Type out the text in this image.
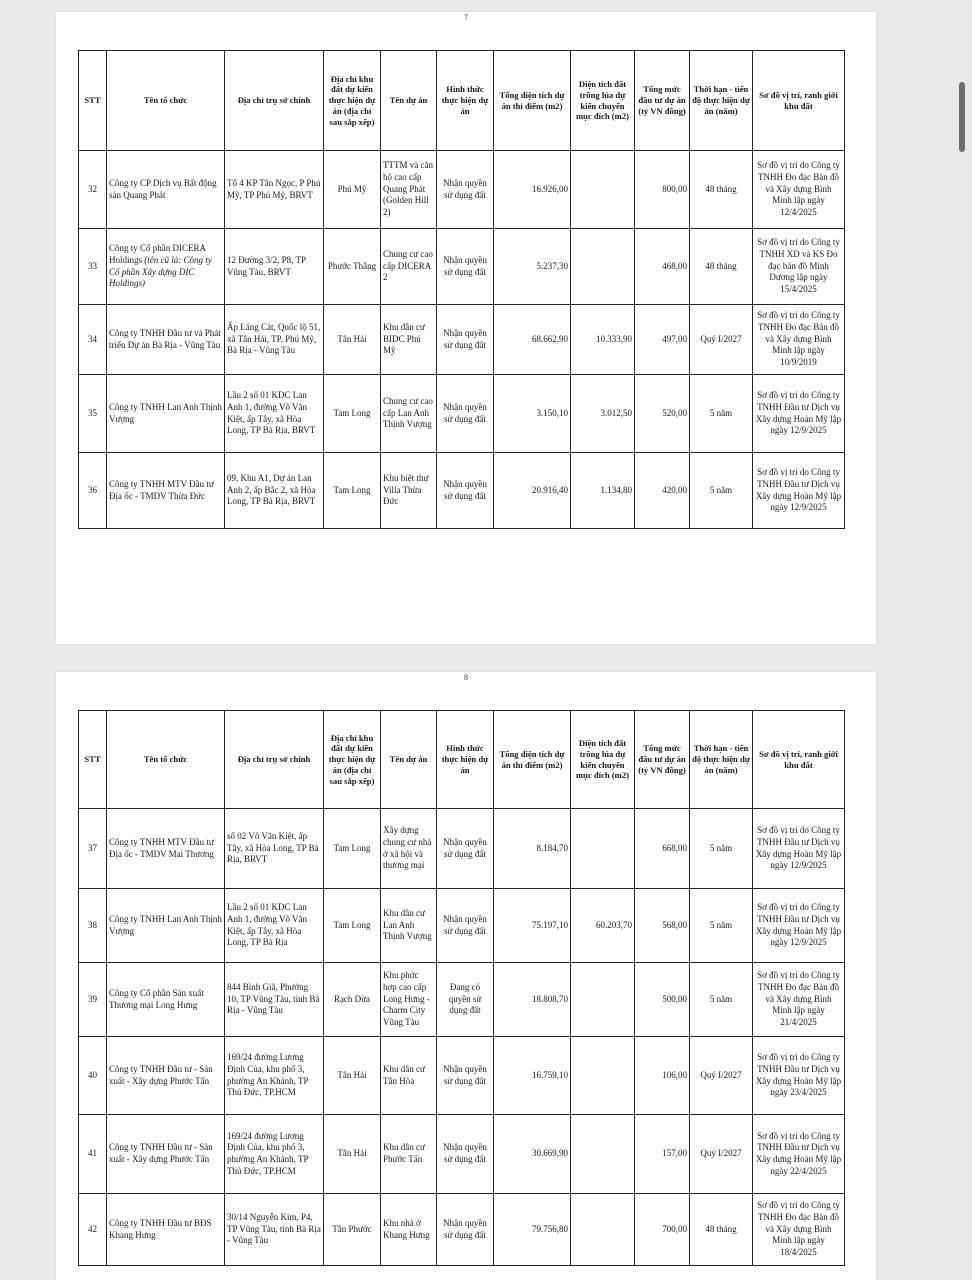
7
STT	Tên tổ chức	Địa chỉ trụ sở chính	Địa chỉ khu đất dự kiến thực hiện dự án (địa chỉ sau sắp xếp)	Tên dự án	Hình thức thực hiện dự án	Tổng diện tích dự án thỉ điểm (m2)	Diện tích đất trồng lúa dự kiến chuyển mục đích (m2)	Tổng mức đầu tư dự án (tỷ VN đồng)	Thời hạn - tiến độ thực hiện dự án (năm)	Sơ đồ vị trí, ranh giới khu đất
32	Công ty CP Dịch vụ Bất động sản Quang Phát	Tổ 4 KP Tân Ngọc, P Phú Mỹ, TP Phú Mỹ, BRVT	Phú Mỹ	TTTM và căn hộ cao cấp Quang Phát (Golden Hill 2)	Nhận quyền sử dụng đất	16.926,00		800,00	48 tháng	Sơ đồ vị trí do Công ty TNHH Đo đạc Bản đồ và Xây dựng Bình Minh lập ngày 12/4/2025
33	Công ty Cổ phần DICERA Holdings (tên cũ là: Công ty Cổ phần Xây dựng DIC Holdings)	12 Đường 3/2, P8, TP Vũng Tàu, BRVT	Phước Thắng	Chung cư cao cấp DICERA 2	Nhận quyền sử dụng đất	5.237,30		468,00	48 tháng	Sơ đồ vị trí do Công ty TNHH XD và KS Đo đạc bản đồ Minh Dương lập ngày 15/4/2025
34	Công ty TNHH Đầu tư và Phát triển Dự án Bà Rịa - Vũng Tàu	Ấp Láng Cát, Quốc lộ 51, xã Tân Hải, TP. Phú Mỹ, Bà Rịa - Vũng Tàu	Tân Hải	Khu dân cư BIDC Phú Mỹ	Nhận quyền sử dụng đất	68.662,90	10.333,90	497,00	Quý I/2027	Sơ đồ vị trí do Công ty TNHH Đo đạc Bản đồ và Xây dựng Bình Minh lập ngày 10/9/2019
35	Công ty TNHH Lan Anh Thịnh Vượng	Lầu 2 số 01 KDC Lan Anh 1, đường Võ Văn Kiệt, ấp Tây, xã Hòa Long, TP Bà Rịa, BRVT	Tam Long	Chung cư cao cấp Lan Anh Thịnh Vượng	Nhận quyền sử dụng đất	3.150,10	3.012,50	520,00	5 năm	Sơ đồ vị trí do Công ty TNHH Đầu tư Dịch vụ Xây dựng Hoàn Mỹ lập ngày 12/9/2025
36	Công ty TNHH MTV Đầu tư Địa ốc - TMDV Thừa Đức	09, Khu A1, Dự án Lan Anh 2, ấp Bắc 2, xã Hòa Long, TP Bà Rịa, BRVT	Tam Long	Khu biệt thự Villa Thừa Đức	Nhận quyền sử dụng đất	20.916,40	1.134,80	420,00	5 năm	Sơ đồ vị trí do Công ty TNHH Đầu tư Dịch vụ Xây dựng Hoàn Mỹ lập ngày 12/9/2025
8
STT	Tên tổ chức	Địa chỉ trụ sở chính	Địa chỉ khu đất dự kiến thực hiện dự án (địa chỉ sau sắp xếp)	Tên dự án	Hình thức thực hiện dự án	Tổng diện tích dự án thỉ điểm (m2)	Diện tích đất trồng lúa dự kiến chuyển mục đích (m2)	Tổng mức đầu tư dự án (tỷ VN đồng)	Thời hạn - tiến độ thực hiện dự án (năm)	Sơ đồ vị trí, ranh giới khu đất
37	Công ty TNHH MTV Đầu tư Địa ốc - TMDV Mai Thương	số 02 Võ Văn Kiệt, ấp Tây, xã Hòa Long, TP Bà Rịa, BRVT	Tam Long	Xây dựng chung cư nhà ở xã hội và thương mại	Nhận quyền sử dụng đất	8.184,70		668,00	5 năm	Sơ đồ vị trí do Công ty TNHH Đầu tư Dịch vụ Xây dựng Hoàn Mỹ lập ngày 12/9/2025
38	Công ty TNHH Lan Anh Thịnh Vượng	Lầu 2 số 01 KDC Lan Anh 1, đường Võ Văn Kiệt, ấp Tây, xã Hòa Long, TP Bà Rịa	Tam Long	Khu dân cư Lan Anh Thịnh Vượng	Nhận quyền sử dụng đất	75.197,10	60.203,70	568,00	5 năm	Sơ đồ vị trí do Công ty TNHH Đầu tư Dịch vụ Xây dựng Hoàn Mỹ lập ngày 12/9/2025
39	Công ty Cổ phần Sản xuất Thương mại Long Hưng	844 Bình Giã, Phường 10, TP Vũng Tàu, tỉnh Bà Rịa - Vũng Tàu	Rạch Dừa	Khu phức hợp cao cấp Long Hưng - Charm City Vũng Tàu	Đang có quyền sử dụng đất	18.808,70		500,00	5 năm	Sơ đồ vị trí do Công ty TNHH Đo đạc Bản đồ và Xây dựng Bình Minh lập ngày 21/4/2025
40	Công ty TNHH Đầu tư - Sản xuất - Xây dựng Phước Tấn	169/24 đường Lương Định Của, khu phố 3, phường An Khánh, TP Thủ Đức, TP.HCM	Tân Hải	Khu dân cư Tân Hòa	Nhận quyền sử dụng đất	16.759,10		106,00	Quý I/2027	Sơ đồ vị trí do Công ty TNHH Đầu tư Dịch vụ Xây dựng Hoàn Mỹ lập ngày 23/4/2025
41	Công ty TNHH Đầu tư - Sản xuất - Xây dựng Phước Tấn	169/24 đường Lương Định Của, khu phố 3, phường An Khánh, TP Thủ Đức, TP.HCM	Tân Hải	Khu dân cư Phước Tấn	Nhận quyền sử dụng đất	30.669,90		157,00	Quý I/2027	Sơ đồ vị trí do Công ty TNHH Đầu tư Dịch vụ Xây dựng Hoàn Mỹ lập ngày 22/4/2025
42	Công ty TNHH Đầu tư BĐS Khang Hưng	30/14 Nguyễn Kim, P4, TP Vũng Tàu, tỉnh Bà Rịa - Vũng Tàu	Tân Phước	Khu nhà ở Khang Hưng	Nhận quyền sử dụng đất	79.756,80		700,00	48 tháng	Sơ đồ vị trí do Công ty TNHH Đo đạc Bản đồ và Xây dựng Bình Minh lập ngày 18/4/2025
